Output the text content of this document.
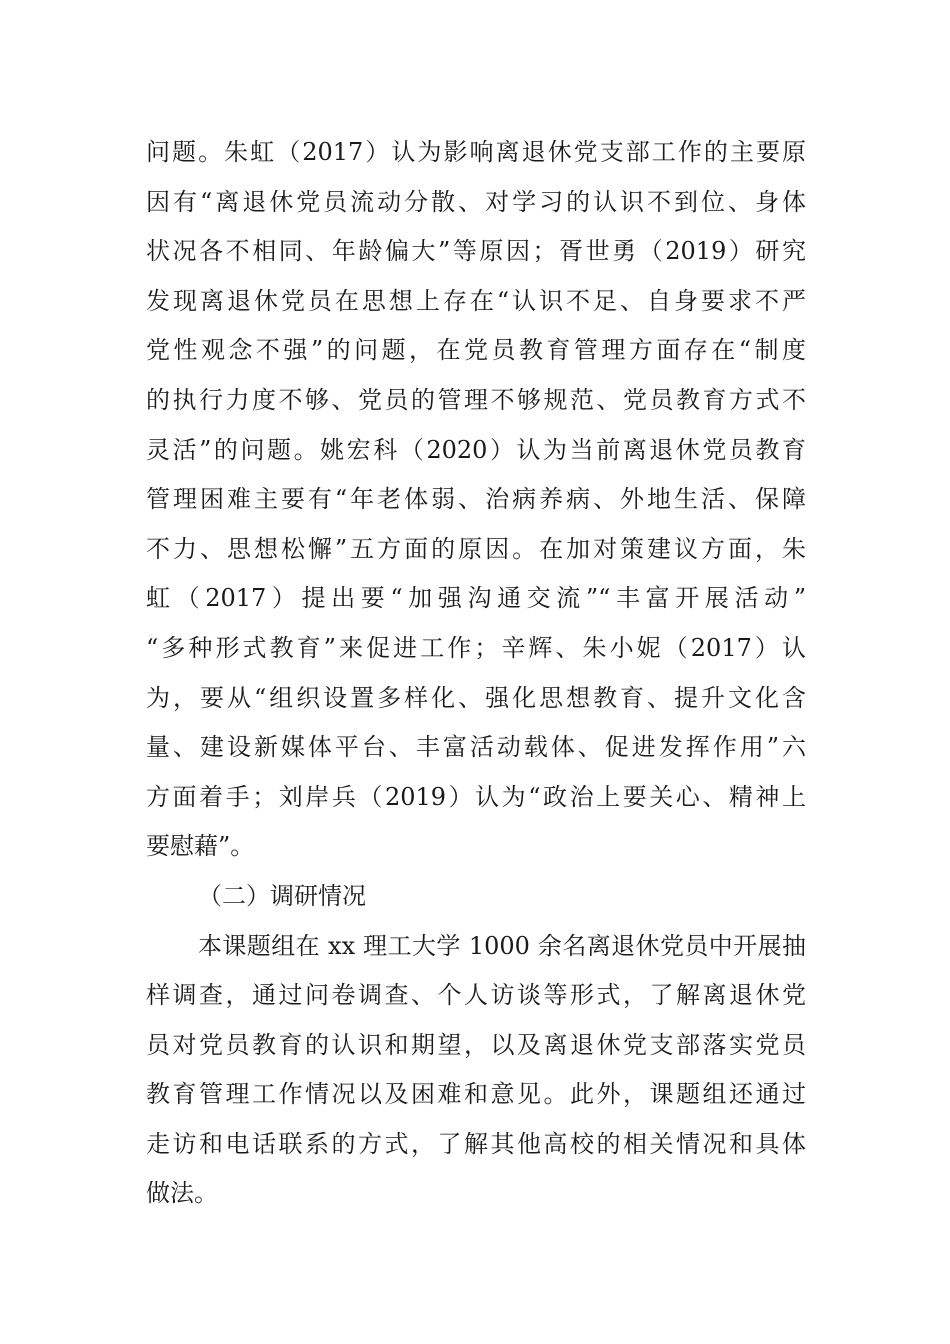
问题。朱虹（2017）认为影响离退休党支部工作的主要原
因有“离退休党员流动分散、对学习的认识不到位、身体
状况各不相同、年龄偏大”等原因；胥世勇（2019）研究
发现离退休党员在思想上存在“认识不足、自身要求不严
党性观念不强”的问题，在党员教育管理方面存在“制度
的执行力度不够、党员的管理不够规范、党员教育方式不
灵活”的问题。姚宏科（2020）认为当前离退休党员教育
管理困难主要有“年老体弱、治病养病、外地生活、保障
不力、思想松懈”五方面的原因。在加对策建议方面，朱
虹（2017）提出要“加强沟通交流”“丰富开展活动”
“多种形式教育”来促进工作；辛辉、朱小妮（2017）认
为，要从“组织设置多样化、强化思想教育、提升文化含
量、建设新媒体平台、丰富活动载体、促进发挥作用”六
方面着手；刘岸兵（2019）认为“政治上要关心、精神上
要慰藉”。
（二）调研情况
本课题组在 xx 理工大学 1000 余名离退休党员中开展抽
样调查，通过问卷调查、个人访谈等形式，了解离退休党
员对党员教育的认识和期望，以及离退休党支部落实党员
教育管理工作情况以及困难和意见。此外，课题组还通过
走访和电话联系的方式，了解其他高校的相关情况和具体
做法。
